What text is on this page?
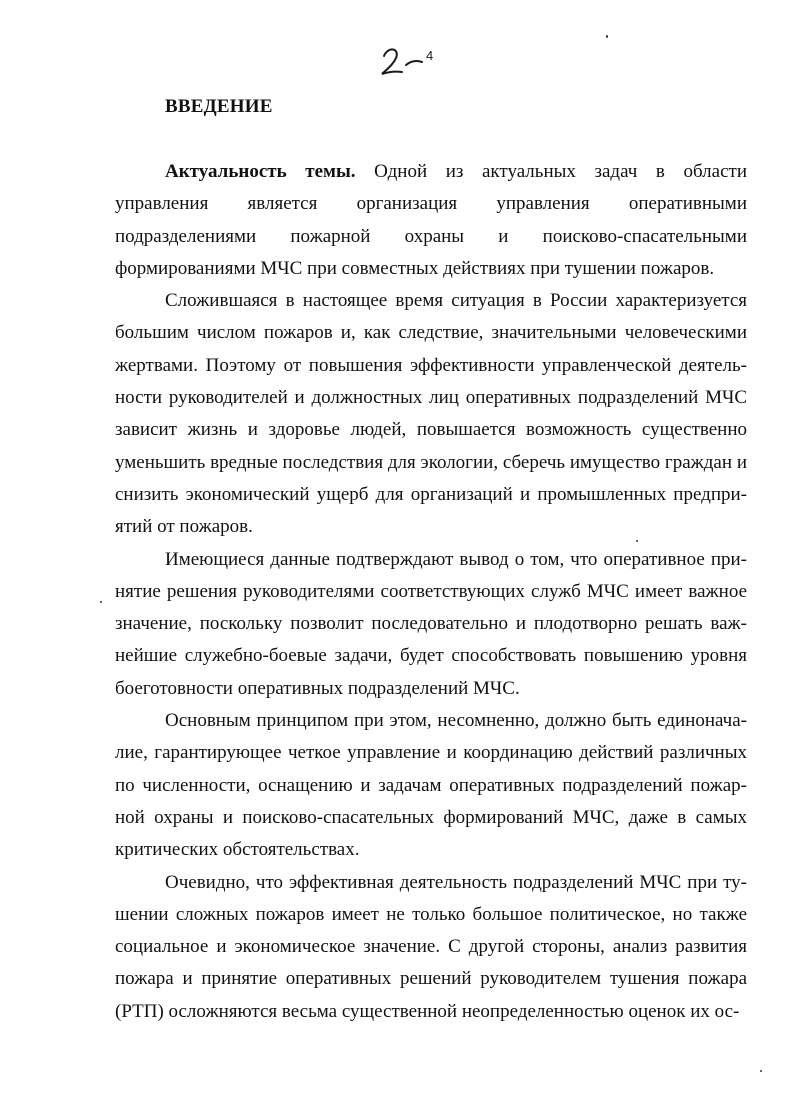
4
ВВЕДЕНИЕ

Актуальность темы. Одной из актуальных задач в области управления является организация управления оперативными подразделениями пожарной охраны и поисково-спасательными формированиями МЧС при совместных действиях при тушении пожаров.

Сложившаяся в настоящее время ситуация в России характеризуется большим числом пожаров и, как следствие, значительными человеческими жертвами. Поэтому от повышения эффективности управленческой деятельности руководителей и должностных лиц оперативных подразделений МЧС зависит жизнь и здоровье людей, повышается возможность существенно уменьшить вредные последствия для экологии, сберечь имущество граждан и снизить экономический ущерб для организаций и промышленных предприятий от пожаров.

Имеющиеся данные подтверждают вывод о том, что оперативное принятие решения руководителями соответствующих служб МЧС имеет важное значение, поскольку позволит последовательно и плодотворно решать важнейшие служебно-боевые задачи, будет способствовать повышению уровня боеготовности оперативных подразделений МЧС.

Основным принципом при этом, несомненно, должно быть единоначалие, гарантирующее четкое управление и координацию действий различных по численности, оснащению и задачам оперативных подразделений пожарной охраны и поисково-спасательных формирований МЧС, даже в самых критических обстоятельствах.

Очевидно, что эффективная деятельность подразделений МЧС при тушении сложных пожаров имеет не только большое политическое, но также социальное и экономическое значение. С другой стороны, анализ развития пожара и принятие оперативных решений руководителем тушения пожара (РТП) осложняются весьма существенной неопределенностью оценок их ос-
